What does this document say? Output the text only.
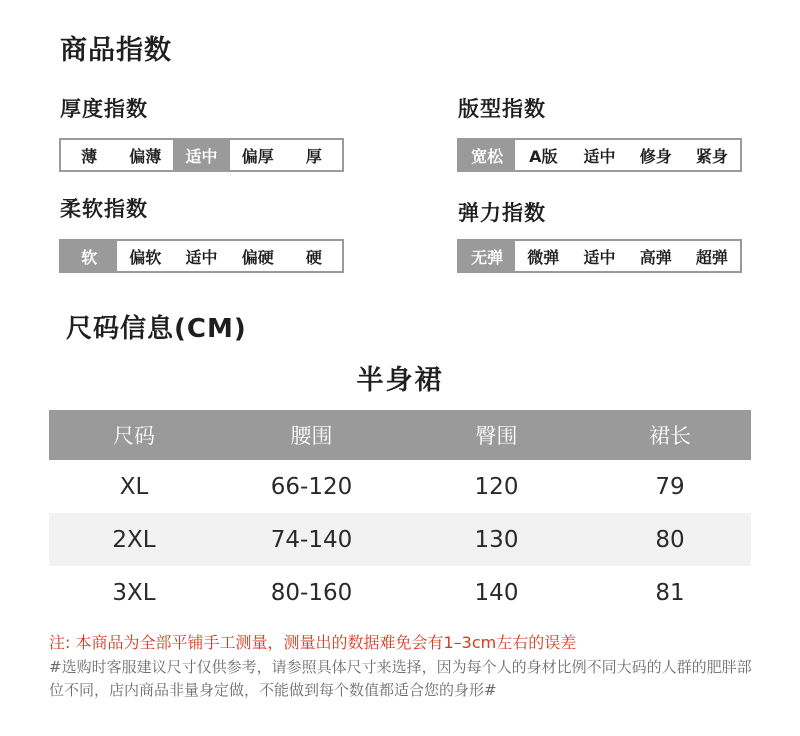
商品指数
厚度指数
薄	偏薄	适中	偏厚	厚
版型指数
宽松	A版	适中	修身	紧身
柔软指数
软	偏软	适中	偏硬	硬
弹力指数
无弹	微弹	适中	高弹	超弹
尺码信息(CM)
半身裙
尺码	腰围	臀围	裙长
XL	66-120	120	79
2XL	74-140	130	80
3XL	80-160	140	81
注: 本商品为全部平铺手工测量，测量出的数据难免会有1–3cm左右的误差
#选购时客服建议尺寸仅供参考，请参照具体尺寸来选择，因为每个人的身材比例不同大码的人群的肥胖部位不同，店内商品非量身定做，不能做到每个数值都适合您的身形#
